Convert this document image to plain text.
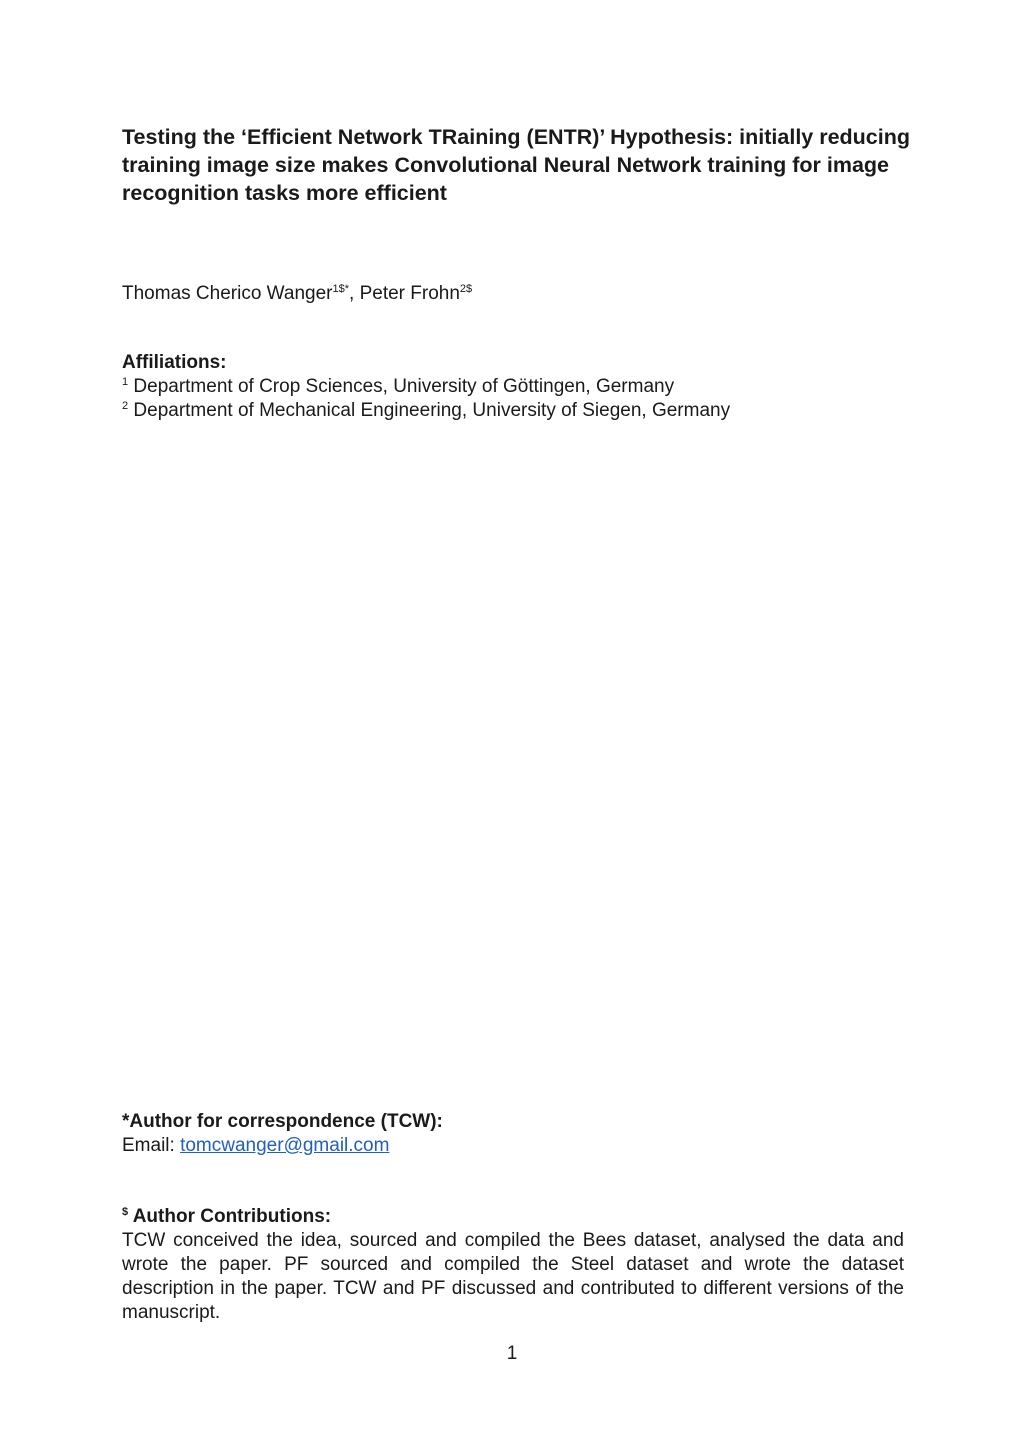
Testing the ‘Efficient Network TRaining (ENTR)’ Hypothesis: initially reducing training image size makes Convolutional Neural Network training for image recognition tasks more efficient

Thomas Cherico Wanger$^{1\$*}$, Peter Frohn$^{2\$}$

Affiliations:

$^1$ Department of Crop Sciences, University of Göttingen, Germany
$^2$ Department of Mechanical Engineering, University of Siegen, Germany

*Author for correspondence (TCW):

Email: tomcwanger@gmail.com

$ Author Contributions:

TCW conceived the idea, sourced and compiled the Bees dataset, analysed the data and wrote the paper. PF sourced and compiled the Steel dataset and wrote the dataset description in the paper. TCW and PF discussed and contributed to different versions of the manuscript.

1
